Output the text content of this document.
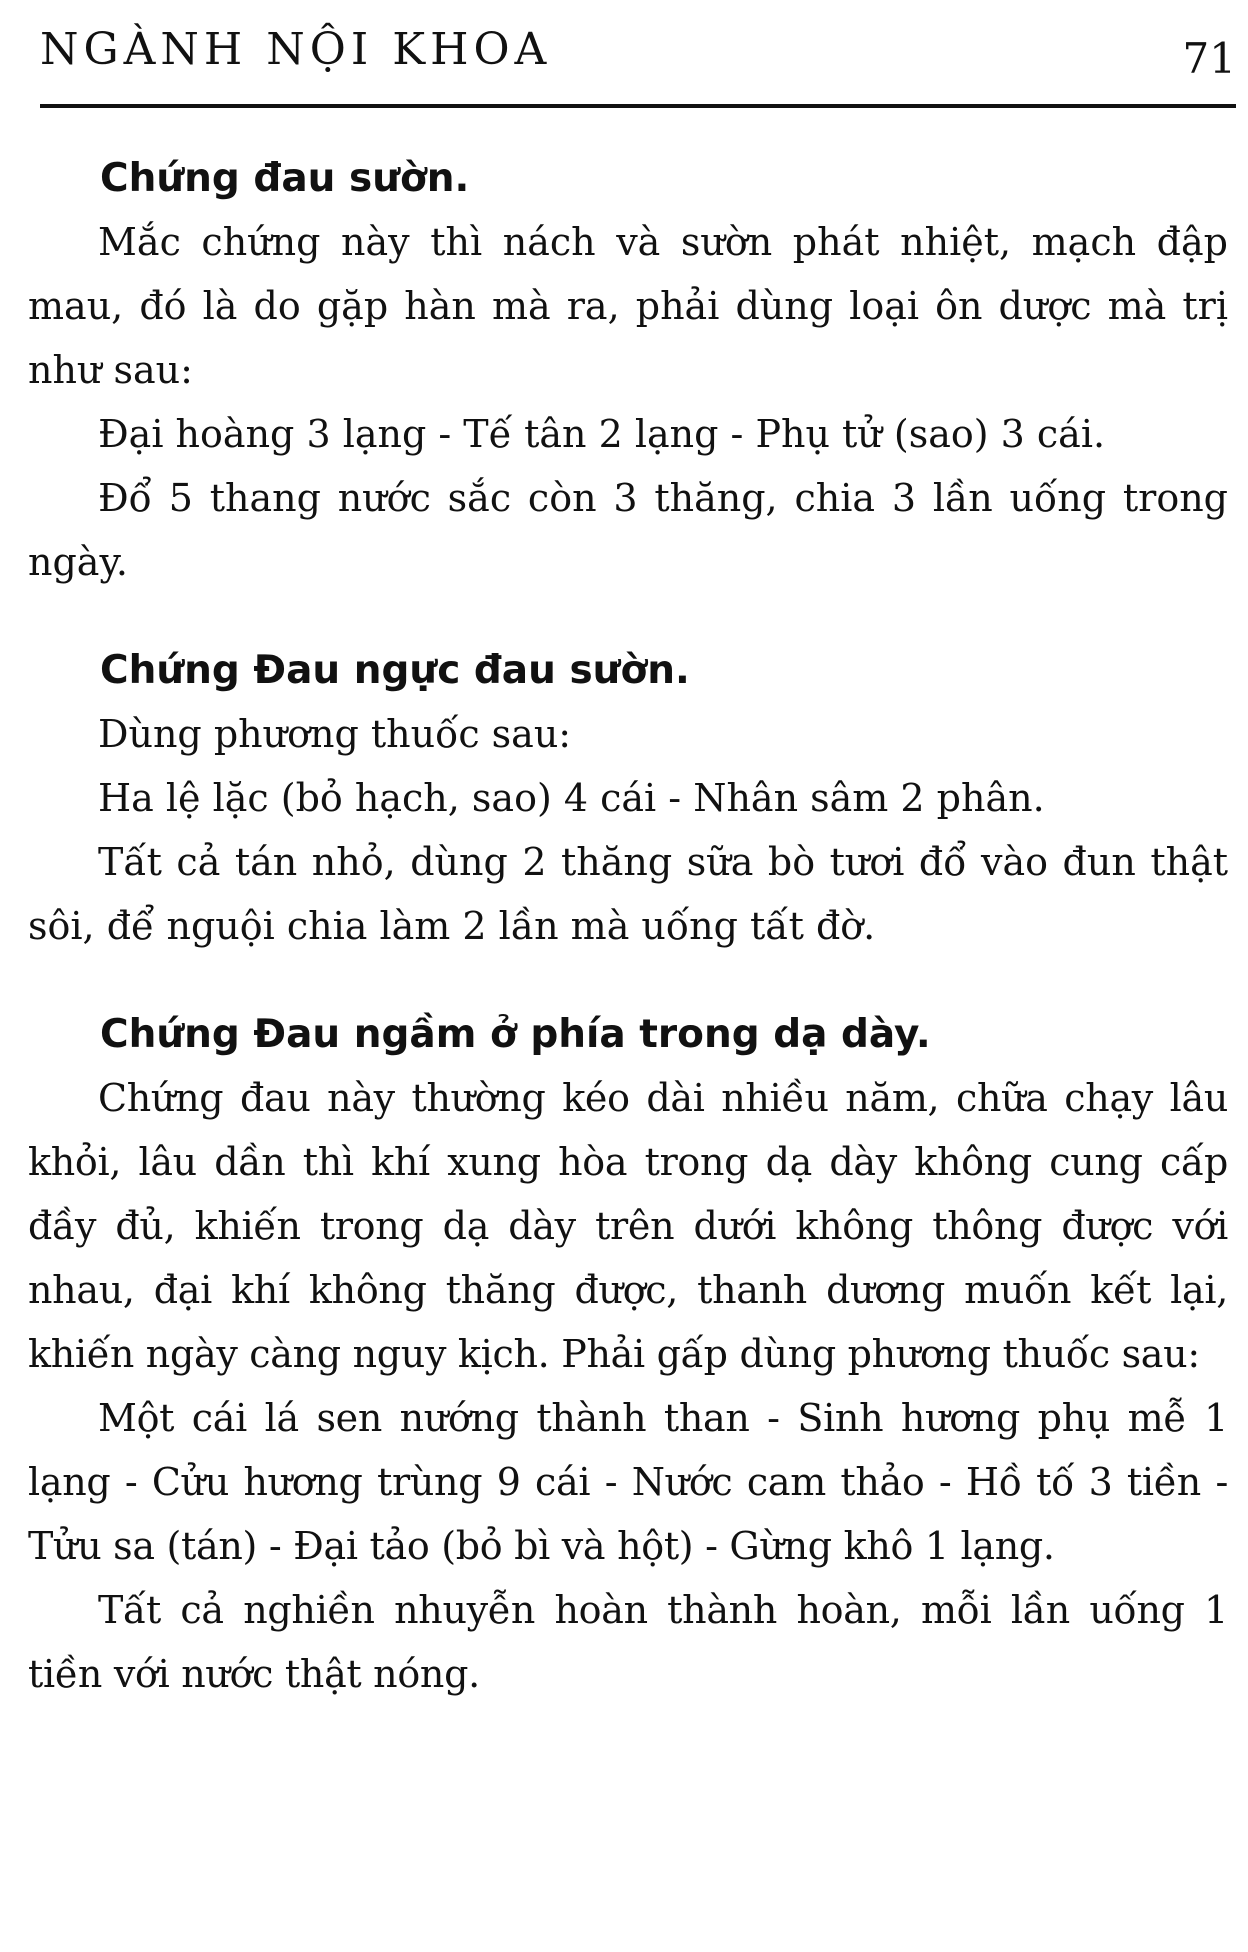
NGÀNH NỘI KHOA	71
Chứng đau sườn.

Mắc chứng này thì nách và sườn phát nhiệt, mạch đập mau, đó là do gặp hàn mà ra, phải dùng loại ôn dược mà trị như sau:

Đại hoàng 3 lạng - Tế tân 2 lạng - Phụ tử (sao) 3 cái.

Đổ 5 thang nước sắc còn 3 thăng, chia 3 lần uống trong ngày.

Chứng Đau ngực đau sườn.

Dùng phương thuốc sau:

Ha lệ lặc (bỏ hạch, sao) 4 cái - Nhân sâm 2 phân.

Tất cả tán nhỏ, dùng 2 thăng sữa bò tươi đổ vào đun thật sôi, để nguội chia làm 2 lần mà uống tất đờ.

Chứng Đau ngầm ở phía trong dạ dày.

Chứng đau này thường kéo dài nhiều năm, chữa chạy lâu khỏi, lâu dần thì khí xung hòa trong dạ dày không cung cấp đầy đủ, khiến trong dạ dày trên dưới không thông được với nhau, đại khí không thăng được, thanh dương muốn kết lại, khiến ngày càng nguy kịch. Phải gấp dùng phương thuốc sau:

Một cái lá sen nướng thành than - Sinh hương phụ mễ 1 lạng - Cửu hương trùng 9 cái - Nước cam thảo - Hồ tố 3 tiền - Tửu sa (tán) - Đại tảo (bỏ bì và hột) - Gừng khô 1 lạng.

Tất cả nghiền nhuyễn hoàn thành hoàn, mỗi lần uống 1 tiền với nước thật nóng.
